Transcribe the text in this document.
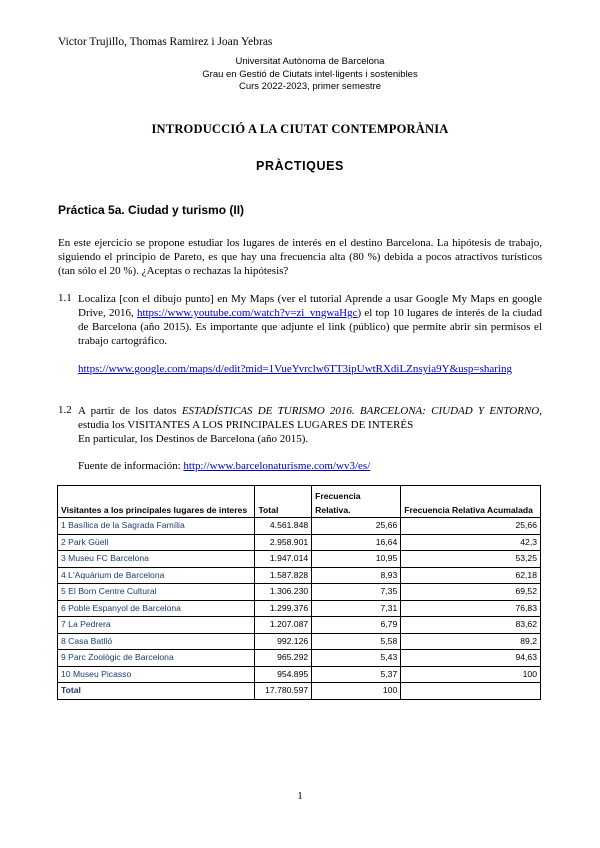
Victor Trujillo, Thomas Ramirez i Joan Yebras
Universitat Autònoma de Barcelona
Grau en Gestió de Ciutats intel·ligents i sostenibles
Curs 2022-2023, primer semestre
INTRODUCCIÓ A LA CIUTAT CONTEMPORÀNIA
PRÀCTIQUES
Práctica 5a. Ciudad y turismo (II)
En este ejercicio se propone estudiar los lugares de interés en el destino Barcelona. La hipótesis de trabajo, siguiendo el principio de Pareto, es que hay una frecuencia alta (80 %) debida a pocos atractivos turísticos (tan sólo el 20 %). ¿Aceptas o rechazas la hipótesis?
1.1 Localiza [con el dibujo punto] en My Maps (ver el tutorial Aprende a usar Google My Maps en google Drive, 2016, https://www.youtube.com/watch?v=zi_vngwaHgc) el top 10 lugares de interés de la ciudad de Barcelona (año 2015). Es importante que adjunte el link (público) que permite abrir sin permisos el trabajo cartográfico.
https://www.google.com/maps/d/edit?mid=1VueYvrclw6TT3ipUwtRXdiLZnsyia9Y&usp=sharing
1.2 A partir de los datos ESTADÍSTICAS DE TURISMO 2016. BARCELONA: CIUDAD Y ENTORNO, estudia los VISITANTES A LOS PRINCIPALES LUGARES DE INTERÉS

En particular, los Destinos de Barcelona (año 2015).
Fuente de información: http://www.barcelonaturisme.com/wv3/es/
Visitantes a los principales lugares de interes	Total	Frecuencia Relativa.	Frecuencia Relativa Acumalada
1 Basílica de la Sagrada Família	4.561.848	25,66	25,66
2 Park Güell	2.958.901	16,64	42,3
3 Museu FC Barcelona	1.947.014	10,95	53,25
4 L'Aquàrium de Barcelona	1.587.828	8,93	62,18
5 El Born Centre Cultural	1.306.230	7,35	69,52
6 Poble Espanyol de Barcelona	1.299.376	7,31	76,83
7 La Pedrera	1.207.087	6,79	83,62
8 Casa Batlló	992.126	5,58	89,2
9 Parc Zoològic de Barcelona	965.292	5,43	94,63
10 Museu Picasso	954.895	5,37	100
Total	17.780.597	100	
1
